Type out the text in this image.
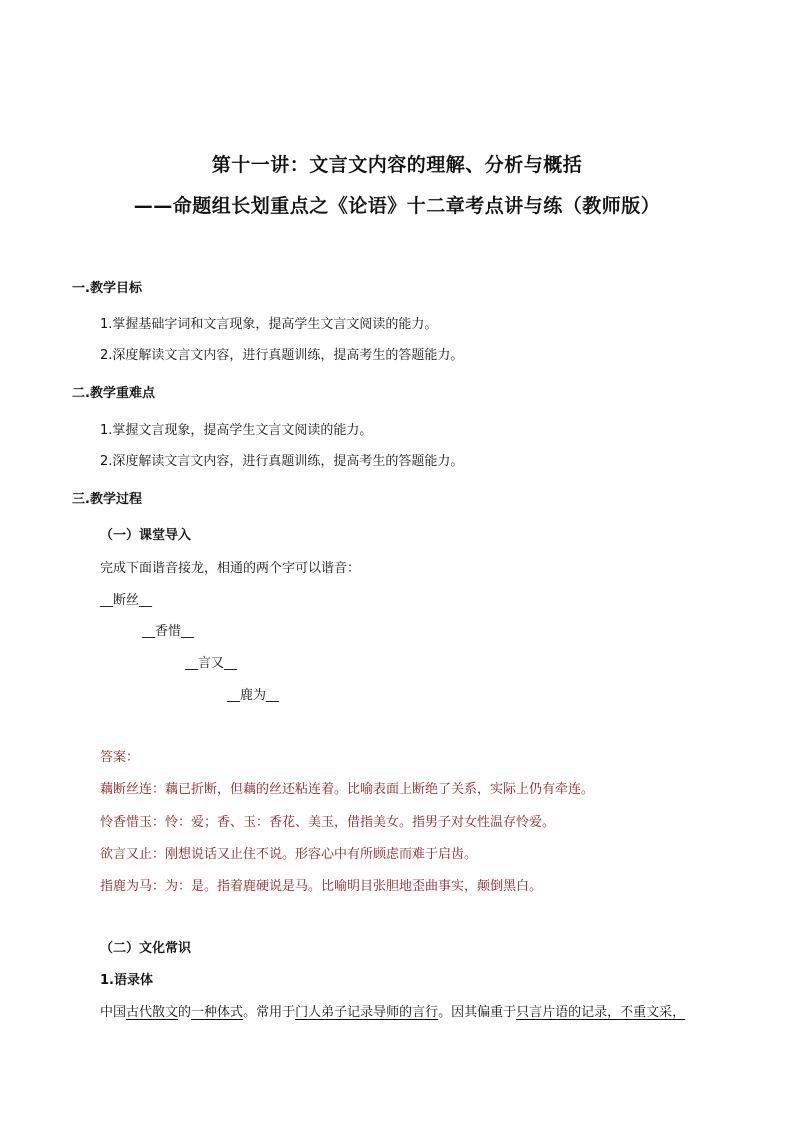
第十一讲：文言文内容的理解、分析与概括
——命题组长划重点之《论语》十二章考点讲与练（教师版）
一.教学目标
1.掌握基础字词和文言现象，提高学生文言文阅读的能力。
2.深度解读文言文内容，进行真题训练，提高考生的答题能力。
二.教学重难点
1.掌握文言现象，提高学生文言文阅读的能力。
2.深度解读文言文内容，进行真题训练，提高考生的答题能力。
三.教学过程
（一）课堂导入
完成下面谐音接龙，相通的两个字可以谐音：
__断丝__
__香惜__
__言又__
__鹿为__
答案：
藕断丝连：藕已折断，但藕的丝还粘连着。比喻表面上断绝了关系，实际上仍有牵连。
怜香惜玉：怜：爱；香、玉：香花、美玉，借指美女。指男子对女性温存怜爱。
欲言又止：刚想说话又止住不说。形容心中有所顾虑而难于启齿。
指鹿为马：为：是。指着鹿硬说是马。比喻明目张胆地歪曲事实，颠倒黑白。
（二）文化常识
1.语录体
中国古代散文的一种体式。常用于门人弟子记录导师的言行。因其偏重于只言片语的记录，不重文采，
